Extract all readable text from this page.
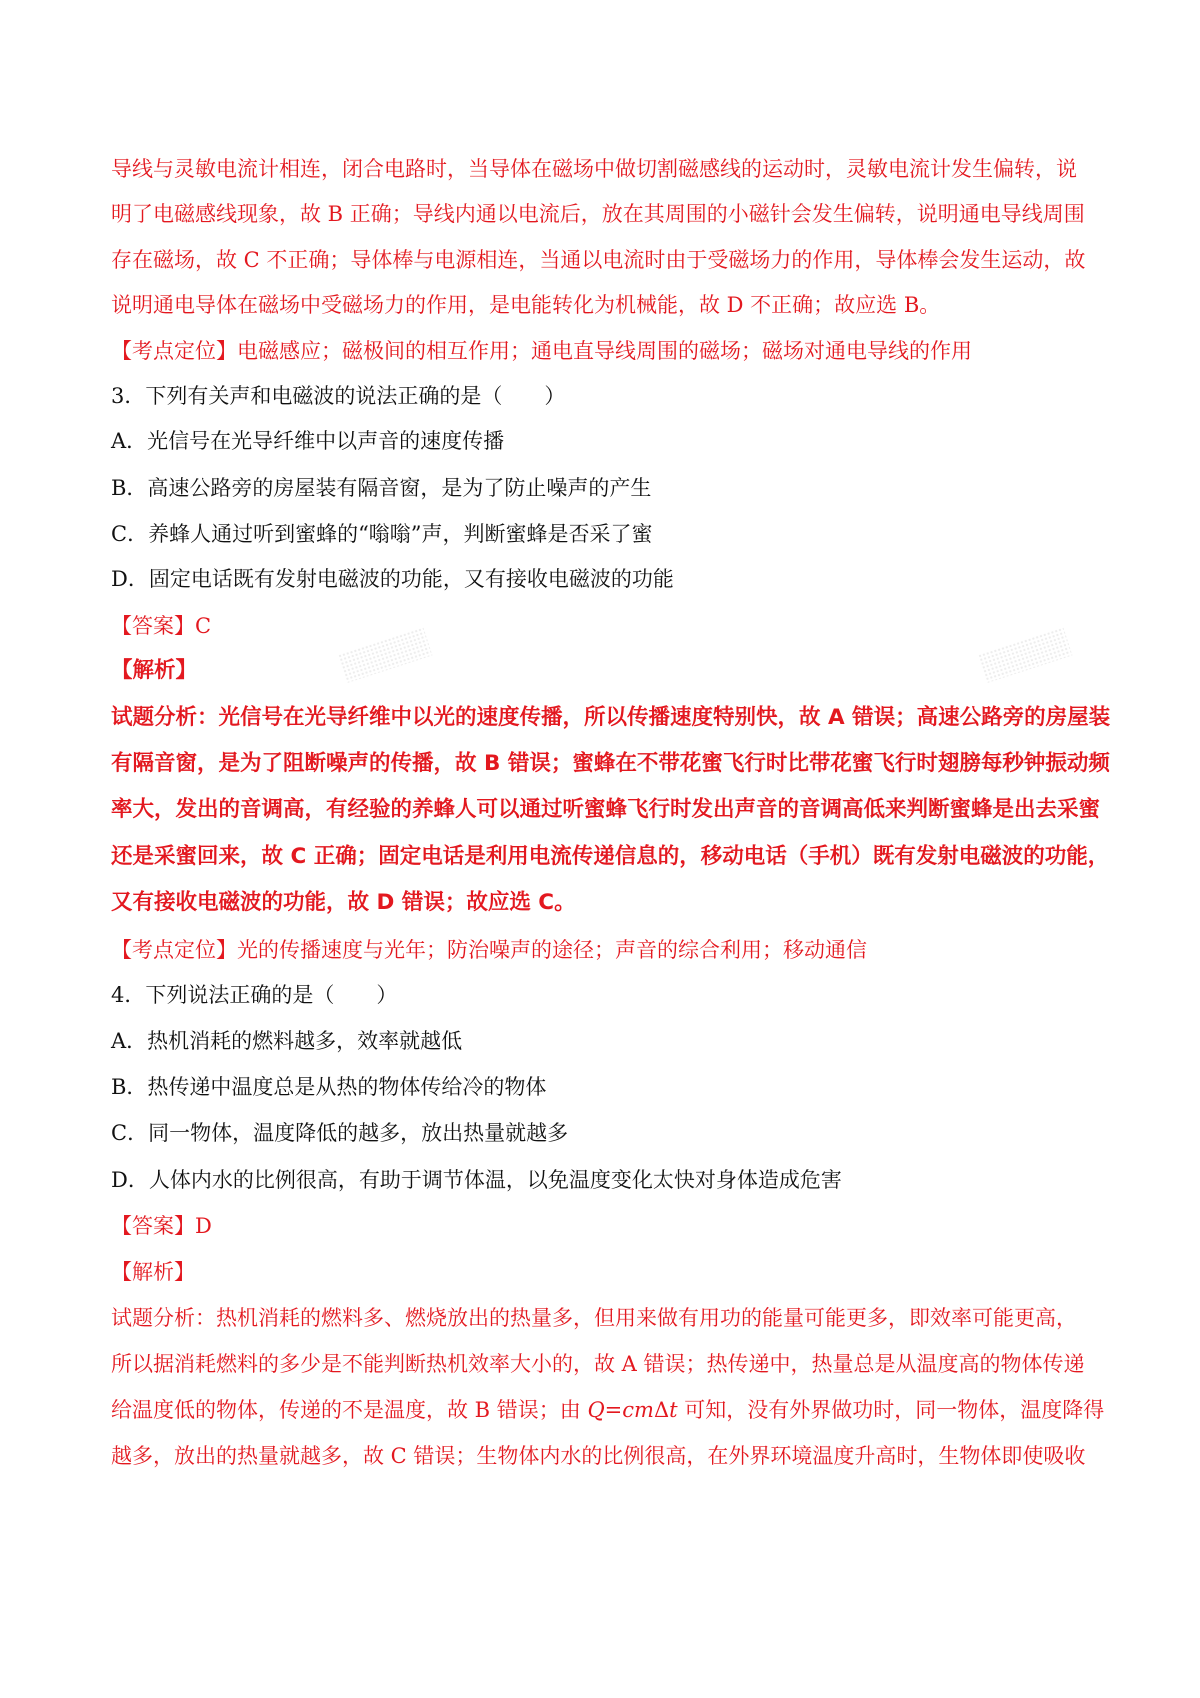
导线与灵敏电流计相连，闭合电路时，当导体在磁场中做切割磁感线的运动时，灵敏电流计发生偏转，说
明了电磁感线现象，故 B 正确；导线内通以电流后，放在其周围的小磁针会发生偏转，说明通电导线周围
存在磁场，故 C 不正确；导体棒与电源相连，当通以电流时由于受磁场力的作用，导体棒会发生运动，故
说明通电导体在磁场中受磁场力的作用，是电能转化为机械能，故 D 不正确；故应选 B。
【考点定位】电磁感应；磁极间的相互作用；通电直导线周围的磁场；磁场对通电导线的作用
3．下列有关声和电磁波的说法正确的是（　　）
A．光信号在光导纤维中以声音的速度传播
B．高速公路旁的房屋装有隔音窗，是为了防止噪声的产生
C．养蜂人通过听到蜜蜂的“嗡嗡”声，判断蜜蜂是否采了蜜
D．固定电话既有发射电磁波的功能，又有接收电磁波的功能
【答案】C
【解析】
试题分析：光信号在光导纤维中以光的速度传播，所以传播速度特别快，故 A 错误；高速公路旁的房屋装
有隔音窗，是为了阻断噪声的传播，故 B 错误；蜜蜂在不带花蜜飞行时比带花蜜飞行时翅膀每秒钟振动频
率大，发出的音调高，有经验的养蜂人可以通过听蜜蜂飞行时发出声音的音调高低来判断蜜蜂是出去采蜜
还是采蜜回来，故 C 正确；固定电话是利用电流传递信息的，移动电话（手机）既有发射电磁波的功能，
又有接收电磁波的功能，故 D 错误；故应选 C。
【考点定位】光的传播速度与光年；防治噪声的途径；声音的综合利用；移动通信
4．下列说法正确的是（　　）
A．热机消耗的燃料越多，效率就越低
B．热传递中温度总是从热的物体传给冷的物体
C．同一物体，温度降低的越多，放出热量就越多
D．人体内水的比例很高，有助于调节体温，以免温度变化太快对身体造成危害
【答案】D
【解析】
试题分析：热机消耗的燃料多、燃烧放出的热量多，但用来做有用功的能量可能更多，即效率可能更高，
所以据消耗燃料的多少是不能判断热机效率大小的，故 A 错误；热传递中，热量总是从温度高的物体传递
给温度低的物体，传递的不是温度，故 B 错误；由 Q=cmΔt 可知，没有外界做功时，同一物体，温度降得
越多，放出的热量就越多，故 C 错误；生物体内水的比例很高，在外界环境温度升高时，生物体即使吸收
